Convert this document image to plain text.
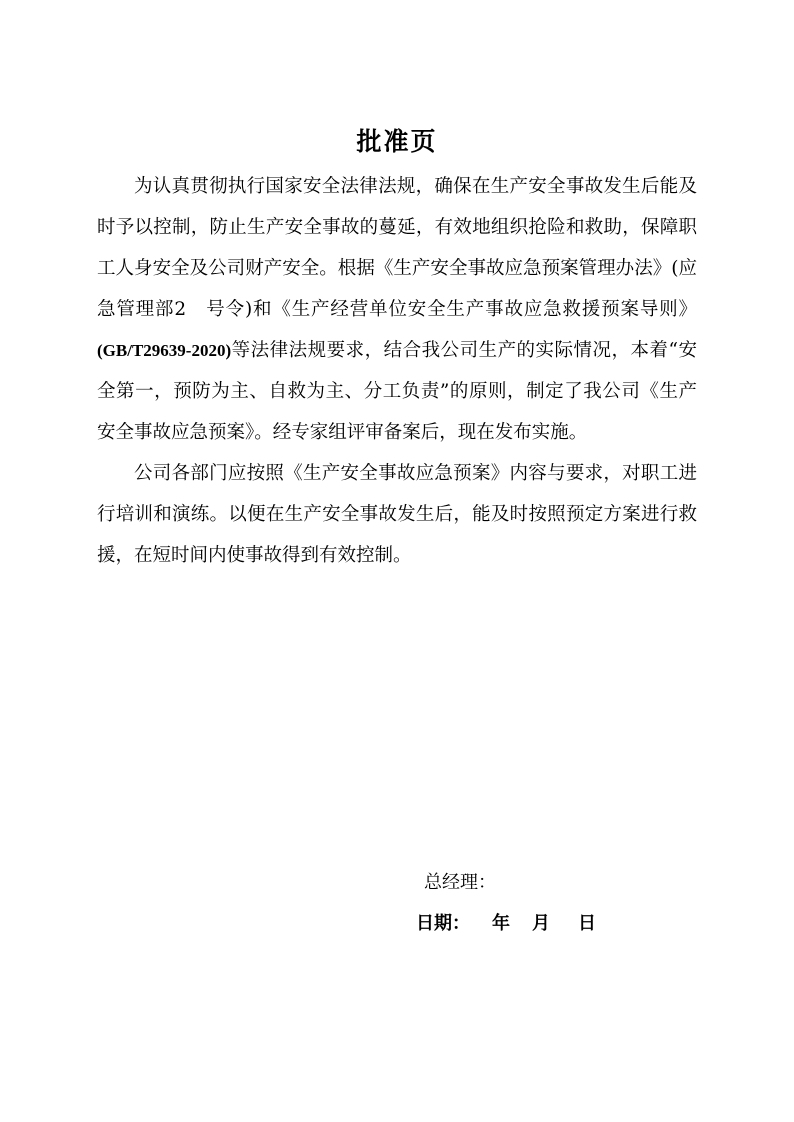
批准页

为认真贯彻执行国家安全法律法规，确保在生产安全事故发生后能及时予以控制，防止生产安全事故的蔓延，有效地组织抢险和救助，保障职工人身安全及公司财产安全。根据《生产安全事故应急预案管理办法》(应急管理部2　号令)和《生产经营单位安全生产事故应急救援预案导则》(GB/T29639-2020)等法律法规要求，结合我公司生产的实际情况，本着“安全第一，预防为主、自救为主、分工负责”的原则，制定了我公司《生产安全事故应急预案》。经专家组评审备案后，现在发布实施。

公司各部门应按照《生产安全事故应急预案》内容与要求，对职工进行培训和演练。以便在生产安全事故发生后，能及时按照预定方案进行救援，在短时间内使事故得到有效控制。

总经理：
日期： 年 月 日
